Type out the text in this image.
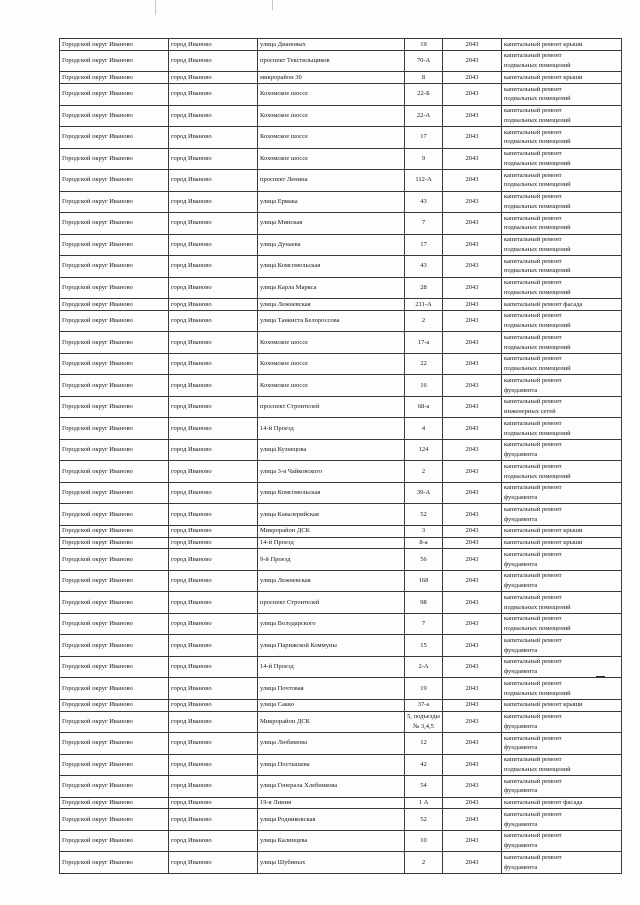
Городской округ Иваново	город Иваново	улица Диановых	19	2043	капитальный ремонт крыши
Городской округ Иваново	город Иваново	проспект Текстильщиков	70-А	2043	капитальный ремонт подвальных помещений
Городской округ Иваново	город Иваново	микрорайон 30	8	2043	капитальный ремонт крыши
Городской округ Иваново	город Иваново	Кохомское шоссе	22-Б	2043	капитальный ремонт подвальных помещений
Городской округ Иваново	город Иваново	Кохомское шоссе	22-А	2043	капитальный ремонт подвальных помещений
Городской округ Иваново	город Иваново	Кохомское шоссе	17	2043	капитальный ремонт подвальных помещений
Городской округ Иваново	город Иваново	Кохомское шоссе	9	2043	капитальный ремонт подвальных помещений
Городской округ Иваново	город Иваново	проспект Ленина	112-А	2043	капитальный ремонт подвальных помещений
Городской округ Иваново	город Иваново	улица Ермака	43	2043	капитальный ремонт подвальных помещений
Городской округ Иваново	город Иваново	улица Минская	7	2043	капитальный ремонт подвальных помещений
Городской округ Иваново	город Иваново	улица Дунаева	17	2043	капитальный ремонт подвальных помещений
Городской округ Иваново	город Иваново	улица Комсомольская	43	2043	капитальный ремонт подвальных помещений
Городской округ Иваново	город Иваново	улица Карла Маркса	28	2043	капитальный ремонт подвальных помещений
Городской округ Иваново	город Иваново	улица Лежневская	211-А	2043	капитальный ремонт фасада
Городской округ Иваново	город Иваново	улица Танкиста Белороссова	2	2043	капитальный ремонт подвальных помещений
Городской округ Иваново	город Иваново	Кохомское шоссе	17-а	2043	капитальный ремонт подвальных помещений
Городской округ Иваново	город Иваново	Кохомское шоссе	22	2043	капитальный ремонт подвальных помещений
Городской округ Иваново	город Иваново	Кохомское шоссе	16	2043	капитальный ремонт фундамента
Городской округ Иваново	город Иваново	проспект Строителей	68-а	2043	капитальный ремонт инженерных сетей
Городской округ Иваново	город Иваново	14-й Проезд	4	2043	капитальный ремонт подвальных помещений
Городской округ Иваново	город Иваново	улица Кузнецова	124	2043	капитальный ремонт фундамента
Городской округ Иваново	город Иваново	улица 3-я Чайковского	2	2043	капитальный ремонт подвальных помещений
Городской округ Иваново	город Иваново	улица Комсомольская	39-А	2043	капитальный ремонт фундамента
Городской округ Иваново	город Иваново	улица Кавалерийская	52	2043	капитальный ремонт фундамента
Городской округ Иваново	город Иваново	Микрорайон ДСК	3	2043	капитальный ремонт крыши
Городской округ Иваново	город Иваново	14-й Проезд	8-а	2043	капитальный ремонт крыши
Городской округ Иваново	город Иваново	9-й Проезд	56	2043	капитальный ремонт фундамента
Городской округ Иваново	город Иваново	улица Лежневская	168	2043	капитальный ремонт фундамента
Городской округ Иваново	город Иваново	проспект Строителей	98	2043	капитальный ремонт подвальных помещений
Городской округ Иваново	город Иваново	улица Володарского	7	2043	капитальный ремонт подвальных помещений
Городской округ Иваново	город Иваново	улица Парижской Коммуны	15	2043	капитальный ремонт фундамента
Городской округ Иваново	город Иваново	14-й Проезд	2-А	2043	капитальный ремонт фундамента
Городской округ Иваново	город Иваново	улица Почтовая	19	2043	капитальный ремонт подвальных помещений
Городской округ Иваново	город Иваново	улица Сакко	37-а	2043	капитальный ремонт крыши
Городской округ Иваново	город Иваново	Микрорайон ДСК	5, подъезды № 3,4,5	2043	капитальный ремонт фундамента
Городской округ Иваново	город Иваново	улица Любимова	12	2043	капитальный ремонт фундамента
Городской округ Иваново	город Иваново	улица Постышева	42	2043	капитальный ремонт подвальных помещений
Городской округ Иваново	город Иваново	улица Генерала Хлебникова	54	2043	капитальный ремонт фундамента
Городской округ Иваново	город Иваново	19-я Линия	1 А	2043	капитальный ремонт фасада
Городской округ Иваново	город Иваново	улица Родниковская	52	2043	капитальный ремонт фундамента
Городской округ Иваново	город Иваново	улица Калинцева	10	2043	капитальный ремонт фундамента
Городской округ Иваново	город Иваново	улица Шубиных	2	2043	капитальный ремонт фундамента
